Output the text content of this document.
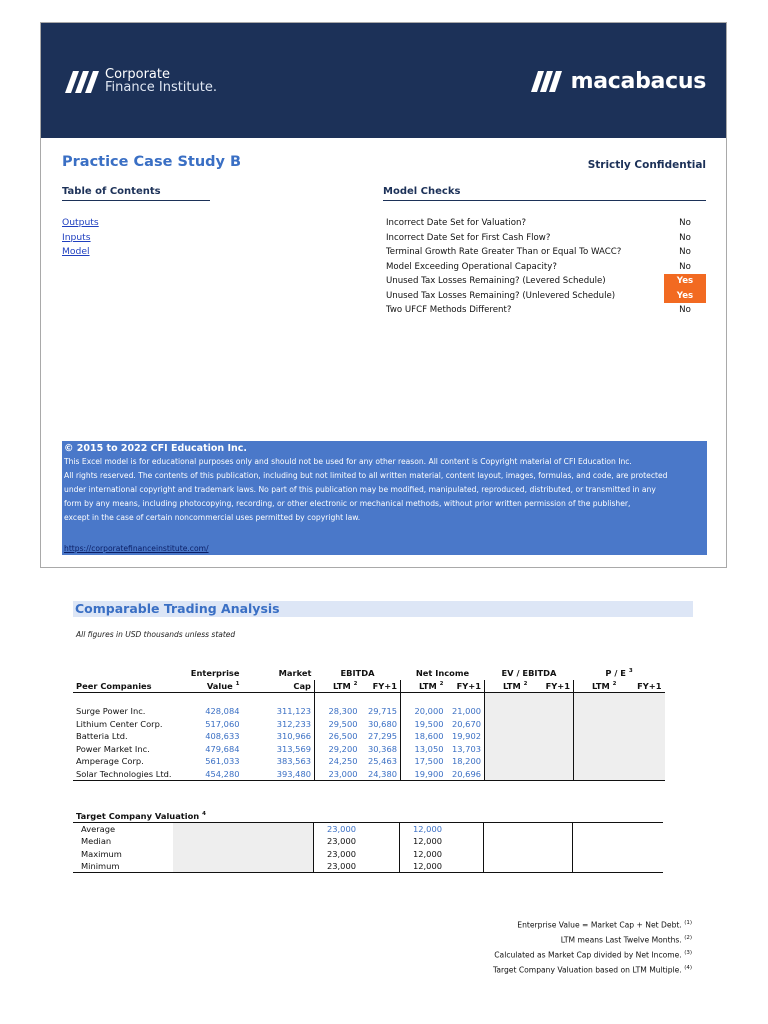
Corporate
Finance Institute.	macabacus
Practice Case Study B	Strictly Confidential
Table of Contents	Model Checks
Outputs
Inputs
Model
Incorrect Date Set for Valuation?	No
Incorrect Date Set for First Cash Flow?	No
Terminal Growth Rate Greater Than or Equal To WACC?	No
Model Exceeding Operational Capacity?	No
Unused Tax Losses Remaining? (Levered Schedule)	Yes
Unused Tax Losses Remaining? (Unlevered Schedule)	Yes
Two UFCF Methods Different?	No
© 2015 to 2022 CFI Education Inc.
This Excel model is for educational purposes only and should not be used for any other reason. All content is Copyright material of CFI Education Inc.
All rights reserved. The contents of this publication, including but not limited to all written material, content layout, images, formulas, and code, are protected
under international copyright and trademark laws. No part of this publication may be modified, manipulated, reproduced, distributed, or transmitted in any
form by any means, including photocopying, recording, or other electronic or mechanical methods, without prior written permission of the publisher,
except in the case of certain noncommercial uses permitted by copyright law.
https://corporatefinanceinstitute.com/
Comparable Trading Analysis
All figures in USD thousands unless stated
	Enterprise	Market	EBITDA		Net Income		EV / EBITDA		P / E $^3$
Peer Companies	Value $^1$	Cap	LTM $^2$	FY+1	LTM $^2$	FY+1	LTM $^2$	FY+1	LTM $^2$	FY+1

Surge Power Inc.	428,084	311,123	28,300	29,715	20,000	21,000				
Lithium Center Corp.	517,060	312,233	29,500	30,680	19,500	20,670				
Batteria Ltd.	408,633	310,966	26,500	27,295	18,600	19,902				
Power Market Inc.	479,684	313,569	29,200	30,368	13,050	13,703				
Amperage Corp.	561,033	383,563	24,250	25,463	17,500	18,200				
Solar Technologies Ltd.	454,280	393,480	23,000	24,380	19,900	20,696				
Target Company Valuation $^4$								
Average			23,000		12,000					
Median			23,000		12,000					
Maximum			23,000		12,000					
Minimum			23,000		12,000					
Enterprise Value = Market Cap + Net Debt. $^{(1)}$
LTM means Last Twelve Months. $^{(2)}$
Calculated as Market Cap divided by Net Income. $^{(3)}$
Target Company Valuation based on LTM Multiple. $^{(4)}$
